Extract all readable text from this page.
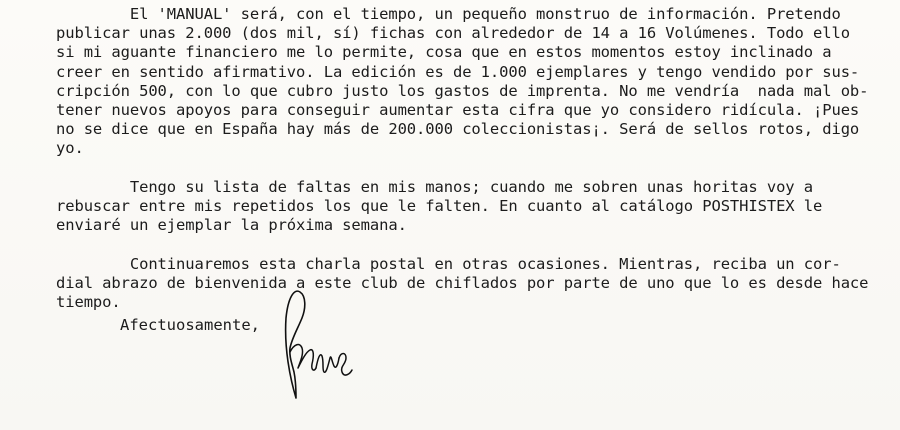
El 'MANUAL' será, con el tiempo, un pequeño monstruo de información. Pretendo
publicar unas 2.000 (dos mil, sí) fichas con alrededor de 14 a 16 Volúmenes. Todo ello
si mi aguante financiero me lo permite, cosa que en estos momentos estoy inclinado a
creer en sentido afirmativo. La edición es de 1.000 ejemplares y tengo vendido por sus-
cripción 500, con lo que cubro justo los gastos de imprenta. No me vendría  nada mal ob-
tener nuevos apoyos para conseguir aumentar esta cifra que yo considero ridícula. ¡Pues
no se dice que en España hay más de 200.000 coleccionistas¡. Será de sellos rotos, digo
yo.
Tengo su lista de faltas en mis manos; cuando me sobren unas horitas voy a
rebuscar entre mis repetidos los que le falten. En cuanto al catálogo POSTHISTEX le
enviaré un ejemplar la próxima semana.
Continuaremos esta charla postal en otras ocasiones. Mientras, reciba un cor-
dial abrazo de bienvenida a este club de chiflados por parte de uno que lo es desde hace
tiempo.
Afectuosamente,
